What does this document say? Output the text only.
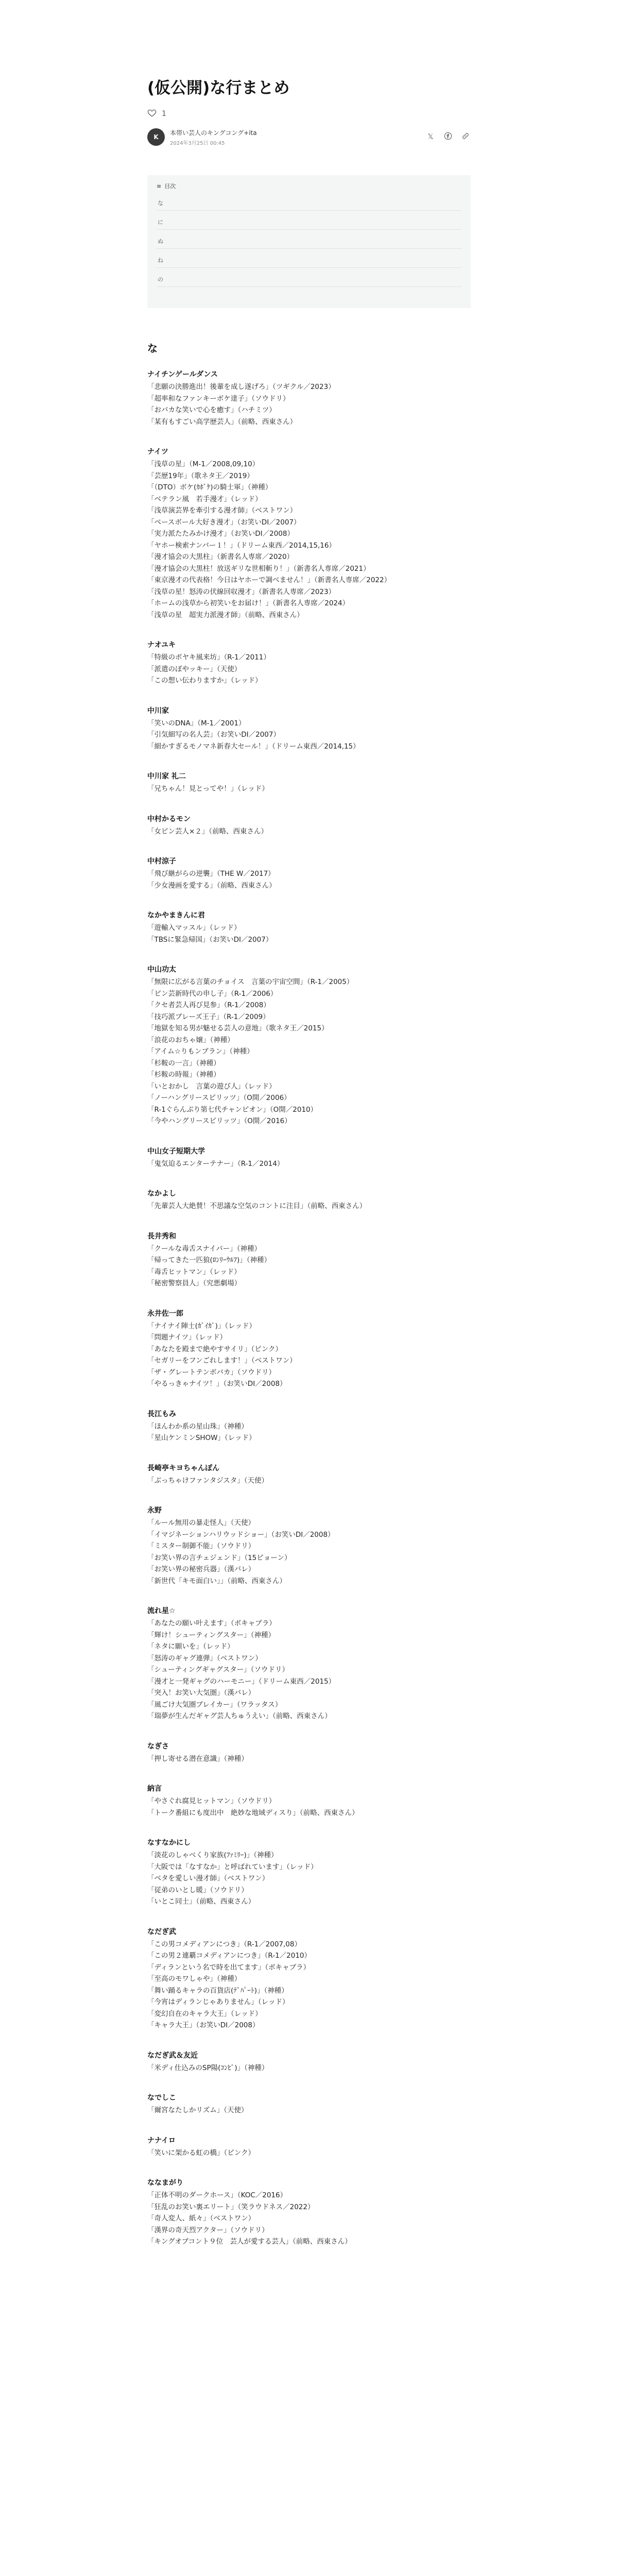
(仮公開)な行まとめ
1
K
本帯い芸人のキングコング+ita
2024年3月25日 00:45
𝕏
≡ 目次
な
に
ぬ
ね
の
な
ナイチンゲールダンス
「悲願の決勝進出！後輩を成し遂げろ」（ツギクル／2023）
「超率和なファンキーボケ達子」（ソウドリ）
「おバカな笑いで心を癒す」（ハチミツ）
「某有もすごい高学歴芸人」（前略、西東さん）
ナイツ
「浅草の星」（M-1／2008,09,10）
「芸歴19年」（歌ネタ王／2019）
「（DTO）ボケ(ｶﾎﾞｹ)の騎士軍」（神種）
「ベテラン風　若手漫才」（レッド）
「浅草演芸界を牽引する漫才師」（ベストワン）
「ベースボール大好き漫才」（お笑いDI／2007）
「実力派たたみかけ漫才」（お笑いDI／2008）
「ヤホー検索ナンバー１！」（ドリーム東西／2014,15,16）
「漫才協会の大黒柱」（新書名人専席／2020）
「漫才協会の大黒柱！放送ギリな世相斬り！」（新書名人専席／2021）
「東京漫才の代表格！今日はヤホーで調べません！」（新書名人専席／2022）
「浅草の星！怒涛の伏線回収漫才」（新書名人専席／2023）
「ホームの浅草から初笑いをお届け！」（新書名人専席／2024）
「浅草の星　超実力派漫才師」（前略、西東さん）
ナオユキ
「特級のボヤキ風来坊」（R-1／2011）
「派遣のぼやッキー」（天使）
「この想い伝わりますか」（レッド）
中川家
「笑いのDNA」（M-1／2001）
「引気細写の名人芸」（お笑いDI／2007）
「細かすぎるモノマネ新春大セール！」（ドリーム東西／2014,15）
中川家 礼二
「兄ちゃん！見とってや！」（レッド）
中村かるモン
「女ピン芸人×２」（前略、西東さん）
中村涼子
「飛び継がらの逆襲」（THE W／2017）
「少女漫画を愛する」（前略、西東さん）
なかやまきんに君
「遊輸入マッスル」（レッド）
「TBSに緊急帰国」（お笑いDI／2007）
中山功太
「無限に広がる言葉のチョイス　言葉の宇宙空間」（R-1／2005）
「ピン芸新時代の申し子」（R-1／2006）
「クセ者芸人再び見参」（R-1／2008）
「技巧派ブレーズ王子」（R-1／2009）
「地獄を知る男が魅せる芸人の意地」（歌ネタ王／2015）
「浪花のおちゃ嬢」（神種）
「アイム☆りもンブラン」（神種）
「杉鞍の一言」（神種）
「杉鞍の時報」（神種）
「いとおかし　言葉の遊び人」（レッド）
「ノーハングリースピリッツ」（O開／2006）
「R-1ぐらんぷり第七代チャンピオン」（O開／2010）
「今やハングリースピリッツ」（O開／2016）
中山女子短期大学
「鬼気迫るエンターテナー」（R-1／2014）
なかよし
「先輩芸人大絶賛！不思議な空気のコントに注目」（前略、西東さん）
長井秀和
「クールな毒舌スナイパー」（神種）
「帰ってきた一匹狼(ﾛﾝﾘｰｳﾙﾌ)」（神種）
「毒舌ヒットマン」（レッド）
「秘密警察員人」（究悪劇場）
永井佐一郎
「ナイナイ陣士(ｶﾞｲｶﾞ)」（レッド）
「問題ナイツ」（レッド）
「あなたを殿まで絶やすサイリ」（ピンク）
「セガリーをフンごれします！」（ベストワン）
「ザ・グレートテンボバカ」（ソウドリ）
「やるっきゃナイツ！」（お笑いDI／2008）
長江もみ
「ほんわか系の星山珠」（神種）
「星山ケンミンSHOW」（レッド）
長崎亭キヨちゃんぽん
「ぶっちゃけファンタジスタ」（天使）
永野
「ルール無用の暴走怪人」（天使）
「イマジネーションハリウッドショー」（お笑いDI／2008）
「ミスター制御不能」（ソウドリ）
「お笑い界の言チェジェンド」（15ピョーン）
「お笑い界の秘密兵器」（漢バレ）
「新世代「キモ面白い」」（前略、西東さん）
流れ星☆
「あなたの願い叶えます」（ボキャブラ）
「輝け！シューティングスター」（神種）
「ネタに願いを」（レッド）
「怒涛のギャグ連弾」（ベストワン）
「シューティングギャグスター」（ソウドリ）
「漫才と一発ギャグのハーモニー」（ドリーム東西／2015）
「突入！お笑い大気圏」（漢バレ）
「風ごけ大気圏ブレイカー」（ワラッタス）
「瑞夢が生んだギャグ芸人ちゅうえい」（前略、西東さん）
なぎさ
「押し寄せる潜在意識」（神種）
納言
「やさぐれ腐見ヒットマン」（ソウドリ）
「トーク番組にも度出中　絶妙な地域ディスり」（前略、西東さん）
なすなかにし
「淡花のしゃべくり家族(ﾌｧﾐﾘｰ)」（神種）
「大阪では「なすなか」と呼ばれています」（レッド）
「ベタを愛しい漫才師」（ベストワン）
「従弟のいとし暖」（ソウドリ）
「いとこ同士」（前略、西東さん）
なだぎ武
「この男コメディアンにつき」（R-1／2007,08）
「この男２連覇コメディアンにつき」（R-1／2010）
「ディランという名で時を出てます」（ボキャブラ）
「至高のモワしゃや」（神種）
「舞い踊るキャラの百貨店(ﾃﾞﾊﾟｰﾄ)」（神種）
「今宵はディランじゃありません」（レッド）
「変幻自在のキャラ大王」（レッド）
「キャラ大王」（お笑いDI／2008）
なだぎ武＆友近
「米ディ仕込みのSP陽(ｺﾝﾋﾞ)」（神種）
なでしこ
「爾宮なたしかリズム」（天使）
ナナイロ
「笑いに架かる虹の橋」（ピンク）
ななまがり
「正体不明のダークホース」（KOC／2016）
「狂乱のお笑い裏エリート」（笑ラウドネス／2022）
「奇人変人、紙々」（ベストワン）
「漢界の奇天烈アクター」（ソウドリ）
「キングオブコント９位　芸人が愛する芸人」（前略、西東さん）
